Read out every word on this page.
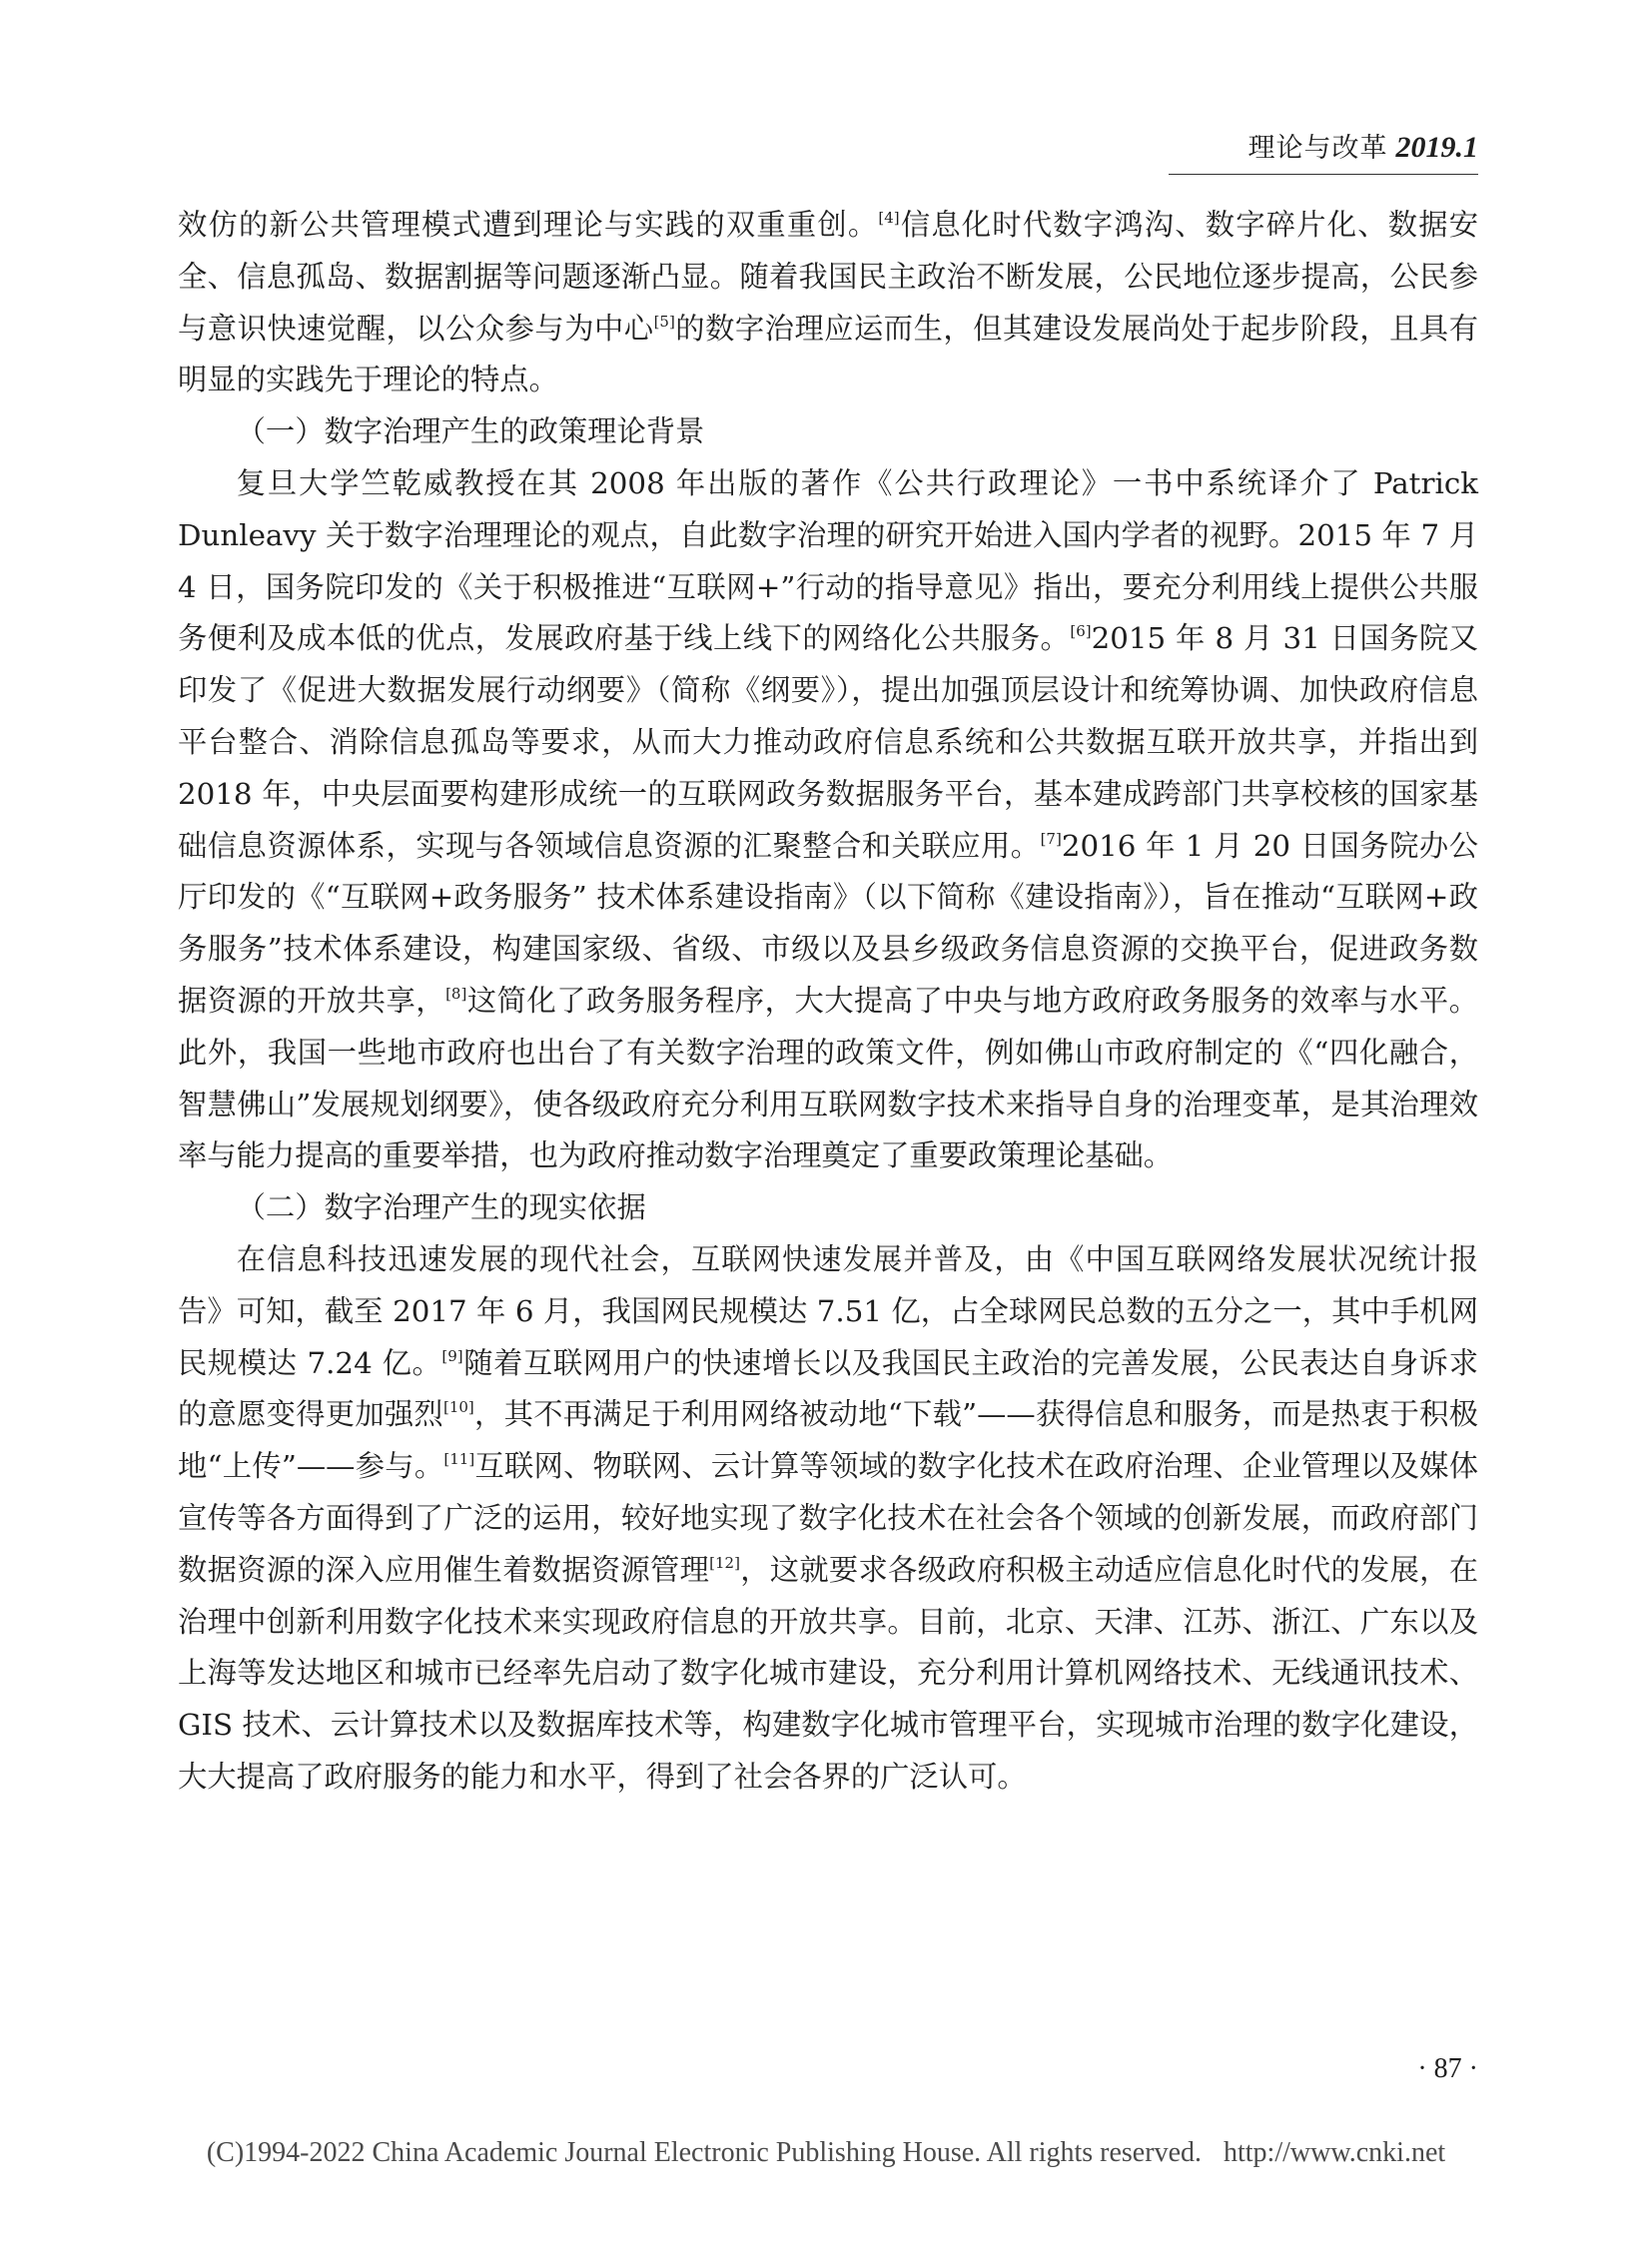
理论与改革 2019.1

效仿的新公共管理模式遭到理论与实践的双重重创。[4]信息化时代数字鸿沟、数字碎片化、数据安全、信息孤岛、数据割据等问题逐渐凸显。随着我国民主政治不断发展，公民地位逐步提高，公民参与意识快速觉醒，以公众参与为中心[5]的数字治理应运而生，但其建设发展尚处于起步阶段，且具有明显的实践先于理论的特点。

（一）数字治理产生的政策理论背景

复旦大学竺乾威教授在其 2008 年出版的著作《公共行政理论》一书中系统译介了 Patrick Dunleavy 关于数字治理理论的观点，自此数字治理的研究开始进入国内学者的视野。2015 年 7 月 4 日，国务院印发的《关于积极推进“互联网+”行动的指导意见》指出，要充分利用线上提供公共服务便利及成本低的优点，发展政府基于线上线下的网络化公共服务。[6]2015 年 8 月 31 日国务院又印发了《促进大数据发展行动纲要》（简称《纲要》），提出加强顶层设计和统筹协调、加快政府信息平台整合、消除信息孤岛等要求，从而大力推动政府信息系统和公共数据互联开放共享，并指出到 2018 年，中央层面要构建形成统一的互联网政务数据服务平台，基本建成跨部门共享校核的国家基础信息资源体系，实现与各领域信息资源的汇聚整合和关联应用。[7]2016 年 1 月 20 日国务院办公厅印发的《“互联网+政务服务” 技术体系建设指南》（以下简称《建设指南》），旨在推动“互联网+政务服务”技术体系建设，构建国家级、省级、市级以及县乡级政务信息资源的交换平台，促进政务数据资源的开放共享，[8]这简化了政务服务程序，大大提高了中央与地方政府政务服务的效率与水平。此外，我国一些地市政府也出台了有关数字治理的政策文件，例如佛山市政府制定的《“四化融合，智慧佛山”发展规划纲要》，使各级政府充分利用互联网数字技术来指导自身的治理变革，是其治理效率与能力提高的重要举措，也为政府推动数字治理奠定了重要政策理论基础。

（二）数字治理产生的现实依据

在信息科技迅速发展的现代社会，互联网快速发展并普及，由《中国互联网络发展状况统计报告》可知，截至 2017 年 6 月，我国网民规模达 7.51 亿，占全球网民总数的五分之一，其中手机网民规模达 7.24 亿。[9]随着互联网用户的快速增长以及我国民主政治的完善发展，公民表达自身诉求的意愿变得更加强烈[10]，其不再满足于利用网络被动地“下载”——获得信息和服务，而是热衷于积极地“上传”——参与。[11]互联网、物联网、云计算等领域的数字化技术在政府治理、企业管理以及媒体宣传等各方面得到了广泛的运用，较好地实现了数字化技术在社会各个领域的创新发展，而政府部门数据资源的深入应用催生着数据资源管理[12]，这就要求各级政府积极主动适应信息化时代的发展，在治理中创新利用数字化技术来实现政府信息的开放共享。目前，北京、天津、江苏、浙江、广东以及上海等发达地区和城市已经率先启动了数字化城市建设，充分利用计算机网络技术、无线通讯技术、GIS 技术、云计算技术以及数据库技术等，构建数字化城市管理平台，实现城市治理的数字化建设，大大提高了政府服务的能力和水平，得到了社会各界的广泛认可。

· 87 ·
(C)1994-2022 China Academic Journal Electronic Publishing House. All rights reserved. http://www.cnki.net
